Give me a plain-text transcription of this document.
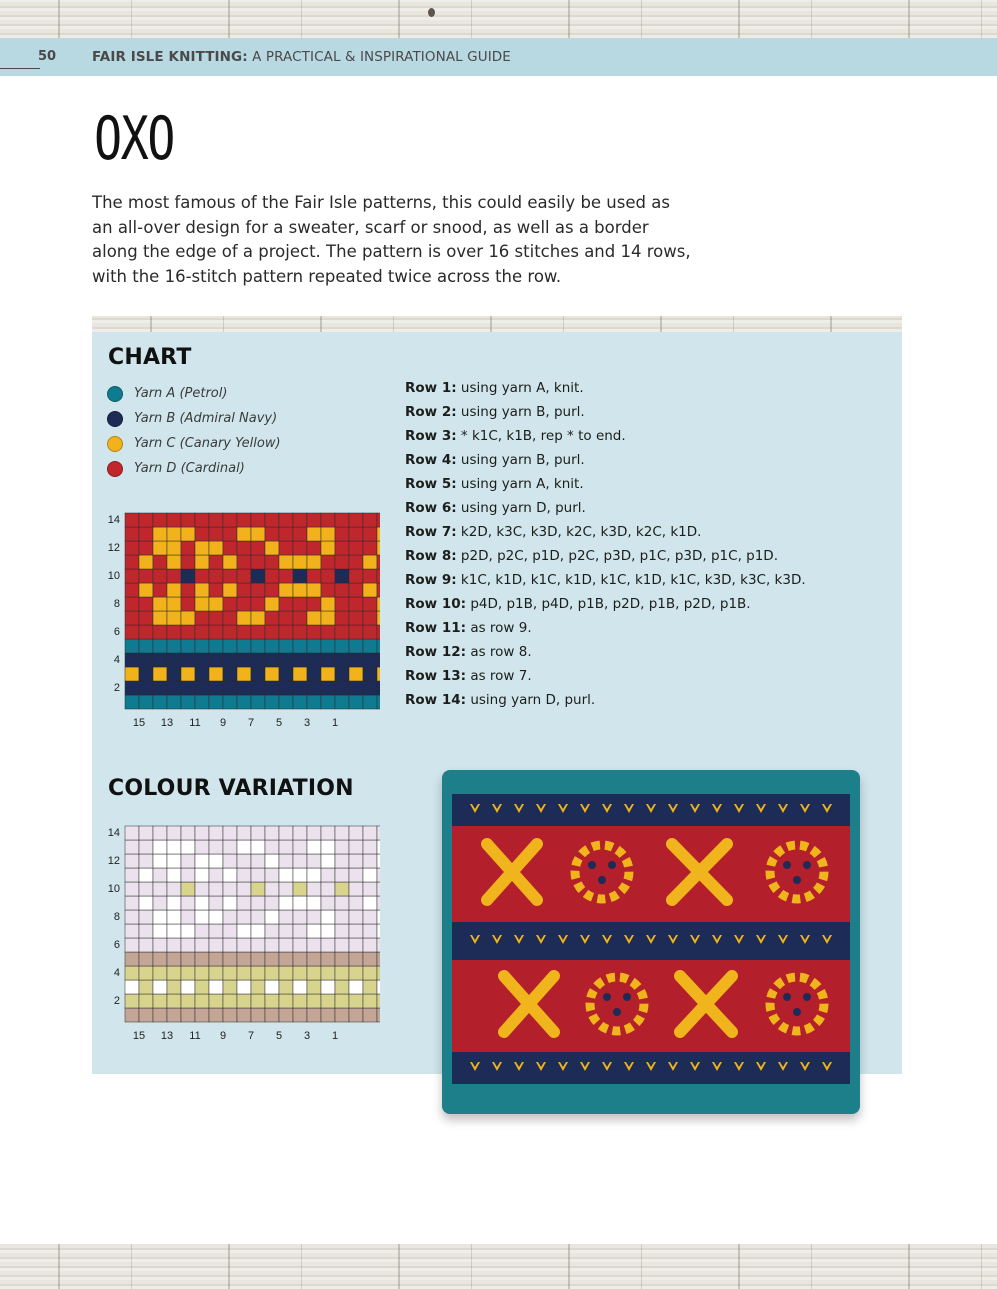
50	FAIR ISLE KNITTING: A PRACTICAL & INSPIRATIONAL GUIDE
OXO
The most famous of the Fair Isle patterns, this could easily be used as
an all-over design for a sweater, scarf or snood, as well as a border
along the edge of a project. The pattern is over 16 stitches and 14 rows,
with the 16-stitch pattern repeated twice across the row.
CHART
Yarn A (Petrol)
Yarn B (Admiral Navy)
Yarn C (Canary Yellow)
Yarn D (Cardinal)
Row 1: using yarn A, knit.
Row 2: using yarn B, purl.
Row 3: * k1C, k1B, rep * to end.
Row 4: using yarn B, purl.
Row 5: using yarn A, knit.
Row 6: using yarn D, purl.
Row 7: k2D, k3C, k3D, k2C, k3D, k2C, k1D.
Row 8: p2D, p2C, p1D, p2C, p3D, p1C, p3D, p1C, p1D.
Row 9: k1C, k1D, k1C, k1D, k1C, k1D, k1C, k3D, k3C, k3D.
Row 10: p4D, p1B, p4D, p1B, p2D, p1B, p2D, p1B.
Row 11: as row 9.
Row 12: as row 8.
Row 13: as row 7.
Row 14: using yarn D, purl.
2
4
6
8
10
12
14
15 13 11 9 7 5 3 1
COLOUR VARIATION
2
4
6
8
10
12
14
15 13 11 9 7 5 3 1
